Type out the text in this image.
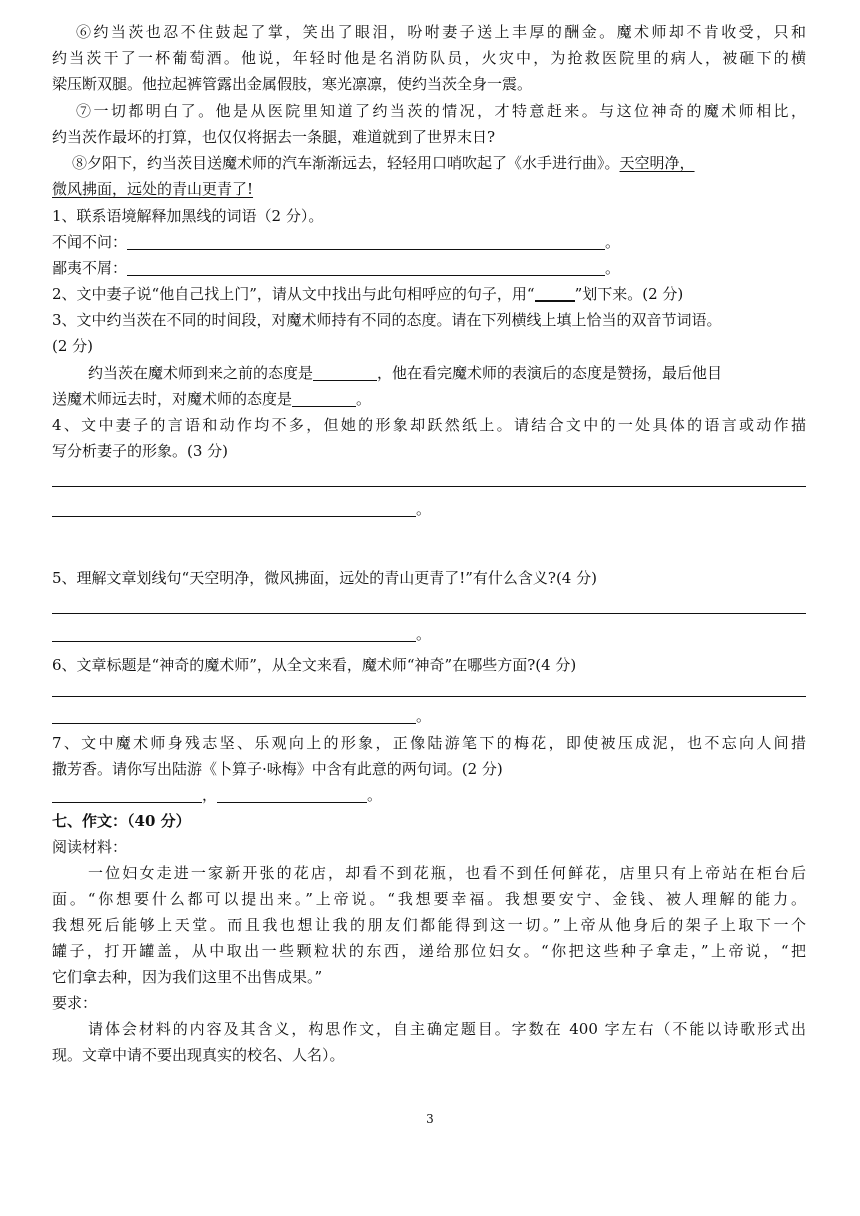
⑥约当茨也忍不住鼓起了掌，笑出了眼泪，吩咐妻子送上丰厚的酬金。魔术师却不肯收受，只和
约当茨干了一杯葡萄酒。他说，年轻时他是名消防队员，火灾中，为抢救医院里的病人，被砸下的横
梁压断双腿。他拉起裤管露出金属假肢，寒光凛凛，使约当茨全身一震。
⑦一切都明白了。他是从医院里知道了约当茨的情况，才特意赶来。与这位神奇的魔术师相比，
约当茨作最坏的打算，也仅仅将据去一条腿，难道就到了世界末日?
⑧夕阳下，约当茨目送魔术师的汽车渐渐远去，轻轻用口哨吹起了《水手进行曲》。天空明净，
微风拂面，远处的青山更青了!
1、联系语境解释加黑线的词语（2 分）。
不闻不问：	。
鄙夷不屑：	。
2、文中妻子说“他自己找上门”，请从文中找出与此句相呼应的句子，用“	”划下来。(2 分)
3、文中约当茨在不同的时间段，对魔术师持有不同的态度。请在下列横线上填上恰当的双音节词语。
(2 分)
约当茨在魔术师到来之前的态度是	，他在看完魔术师的表演后的态度是赞扬，最后他目
送魔术师远去时，对魔术师的态度是	。
4、文中妻子的言语和动作均不多，但她的形象却跃然纸上。请结合文中的一处具体的语言或动作描
写分析妻子的形象。(3 分)
。
5、理解文章划线句“天空明净，微风拂面，远处的青山更青了!”有什么含义?(4 分)
。
6、文章标题是“神奇的魔术师”，从全文来看，魔术师“神奇”在哪些方面?(4 分)
。
7、文中魔术师身残志坚、乐观向上的形象，正像陆游笔下的梅花，即使被压成泥，也不忘向人间措
撒芳香。请你写出陆游《卜算子·咏梅》中含有此意的两句词。(2 分)
，	。
七、作文：（40 分）
阅读材料：
一位妇女走进一家新开张的花店，却看不到花瓶，也看不到任何鲜花，店里只有上帝站在柜台后
面。“你想要什么都可以提出来。”上帝说。“我想要幸福。我想要安宁、金钱、被人理解的能力。
我想死后能够上天堂。而且我也想让我的朋友们都能得到这一切。”上帝从他身后的架子上取下一个
罐子，打开罐盖，从中取出一些颗粒状的东西，递给那位妇女。“你把这些种子拿走，”上帝说，“把
它们拿去种，因为我们这里不出售成果。”
要求：
请体会材料的内容及其含义，构思作文，自主确定题目。字数在 400 字左右（不能以诗歌形式出
现。文章中请不要出现真实的校名、人名）。
3
